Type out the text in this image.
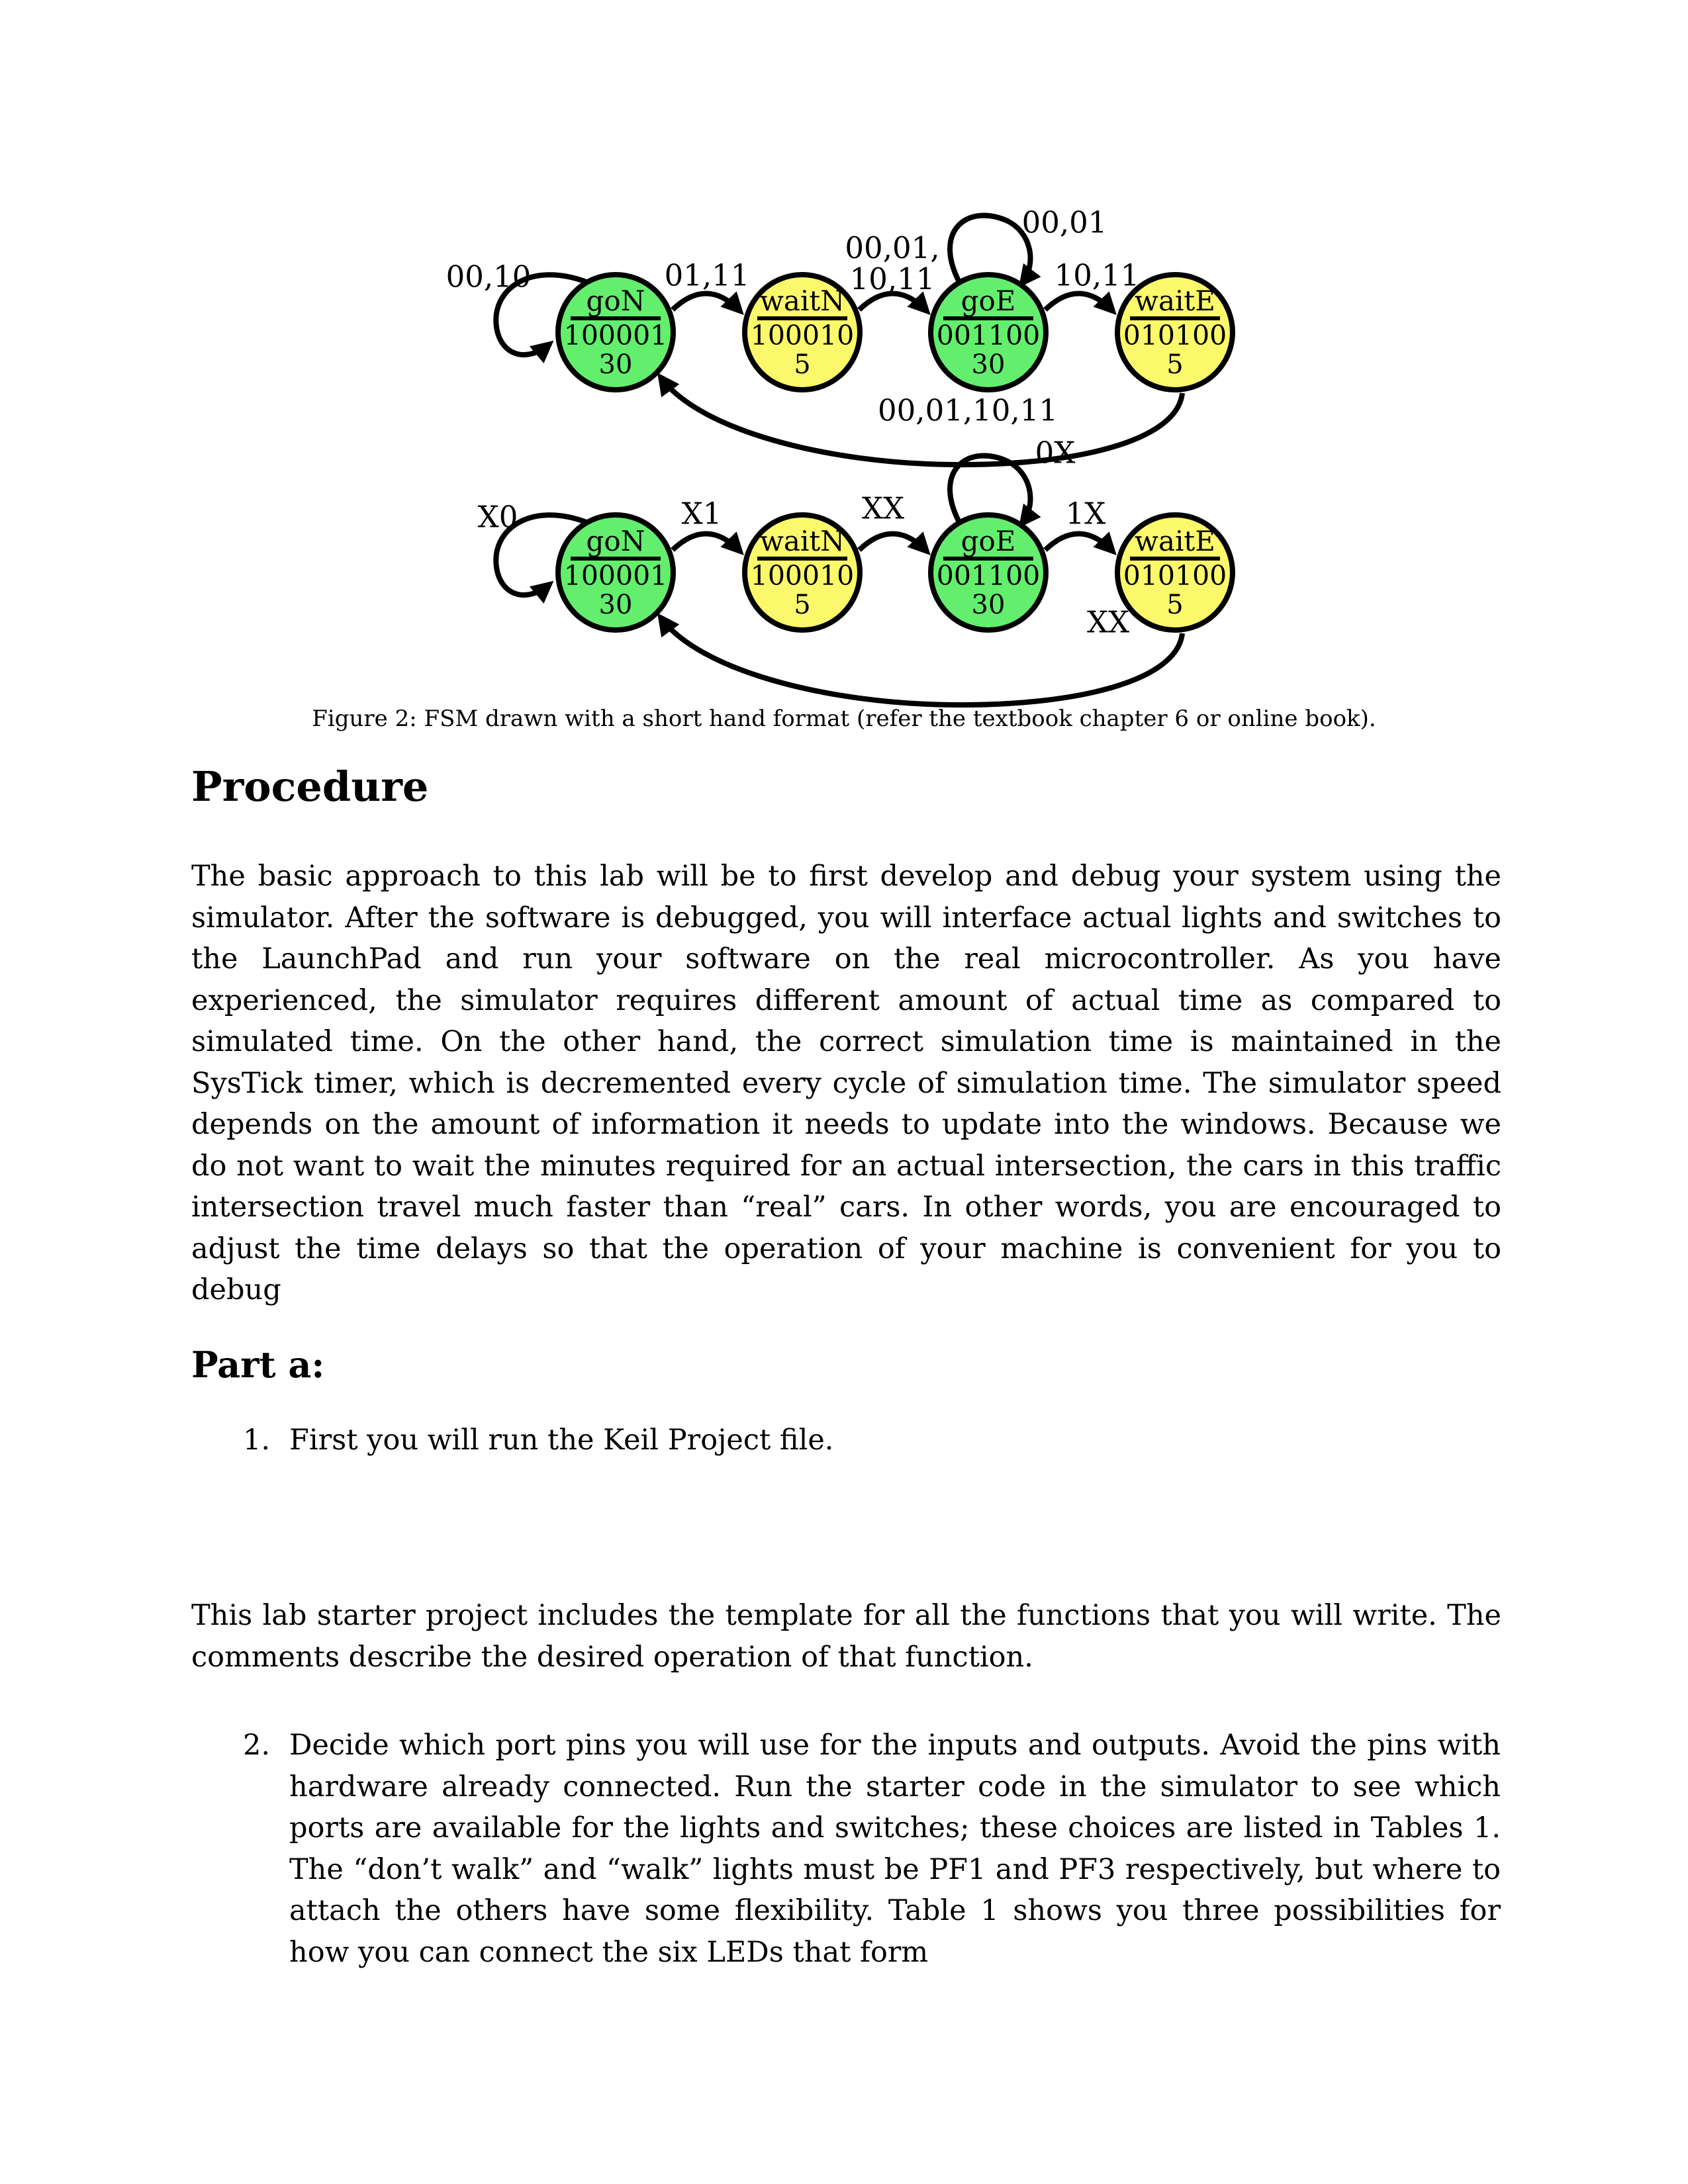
goN
100001
30
waitN
100010
5
goE
001100
30
waitE
010100
5
00,10	01,11
00,01,
10,11
00,01
10,11
00,01,10,11
goN
100001
30
waitN
100010
5
goE
001100
30
waitE
010100
5
X0	X1	XX
0X
1X
XX
Figure 2: FSM drawn with a short hand format (refer the textbook chapter 6 or online book).
Procedure
The basic approach to this lab will be to first develop and debug your system using the simulator. After the software is debugged, you will interface actual lights and switches to the LaunchPad and run your software on the real microcontroller. As you have experienced, the simulator requires different amount of actual time as compared to simulated time. On the other hand, the correct simulation time is maintained in the SysTick timer, which is decremented every cycle of simulation time. The simulator speed depends on the amount of information it needs to update into the windows. Because we do not want to wait the minutes required for an actual intersection, the cars in this traffic intersection travel much faster than “real” cars. In other words, you are encouraged to adjust the time delays so that the operation of your machine is convenient for you to debug
Part a:
1. First you will run the Keil Project file.
This lab starter project includes the template for all the functions that you will write. The comments describe the desired operation of that function.
2. Decide which port pins you will use for the inputs and outputs. Avoid the pins with hardware already connected. Run the starter code in the simulator to see which ports are available for the lights and switches; these choices are listed in Tables 1. The “don’t walk” and “walk” lights must be PF1 and PF3 respectively, but where to attach the others have some flexibility. Table 1 shows you three possibilities for how you can connect the six LEDs that form
